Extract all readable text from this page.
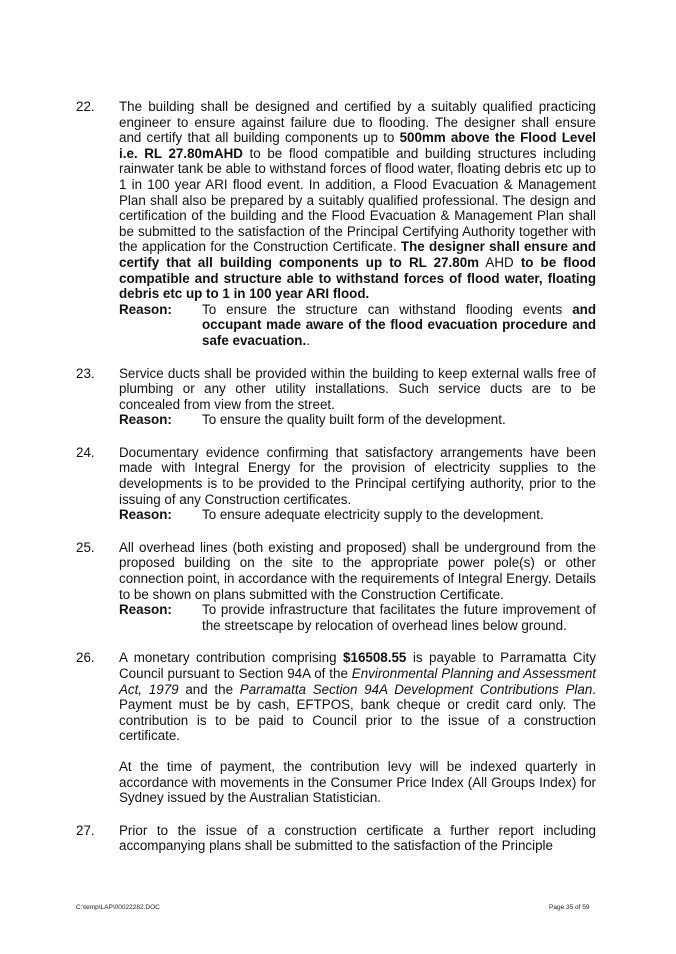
22.	The building shall be designed and certified by a suitably qualified practicing engineer to ensure against failure due to flooding. The designer shall ensure and certify that all building components up to 500mm above the Flood Level i.e. RL 27.80mAHD to be flood compatible and building structures including rainwater tank be able to withstand forces of flood water, floating debris etc up to 1 in 100 year ARI flood event. In addition, a Flood Evacuation & Management Plan shall also be prepared by a suitably qualified professional. The design and certification of the building and the Flood Evacuation & Management Plan shall be submitted to the satisfaction of the Principal Certifying Authority together with the application for the Construction Certificate. The designer shall ensure and certify that all building components up to RL 27.80m AHD to be flood compatible and structure able to withstand forces of flood water, floating debris etc up to 1 in 100 year ARI flood.

Reason:	To ensure the structure can withstand flooding events and occupant made aware of the flood evacuation procedure and safe evacuation..
23.	Service ducts shall be provided within the building to keep external walls free of plumbing or any other utility installations. Such service ducts are to be concealed from view from the street.

Reason:	To ensure the quality built form of the development.
24.	Documentary evidence confirming that satisfactory arrangements have been made with Integral Energy for the provision of electricity supplies to the developments is to be provided to the Principal certifying authority, prior to the issuing of any Construction certificates.

Reason:	To ensure adequate electricity supply to the development.
25.	All overhead lines (both existing and proposed) shall be underground from the proposed building on the site to the appropriate power pole(s) or other connection point, in accordance with the requirements of Integral Energy. Details to be shown on plans submitted with the Construction Certificate.

Reason:	To provide infrastructure that facilitates the future improvement of the streetscape by relocation of overhead lines below ground.
26.	A monetary contribution comprising $16508.55 is payable to Parramatta City Council pursuant to Section 94A of the Environmental Planning and Assessment Act, 1979 and the Parramatta Section 94A Development Contributions Plan. Payment must be by cash, EFTPOS, bank cheque or credit card only. The contribution is to be paid to Council prior to the issue of a construction certificate.

At the time of payment, the contribution levy will be indexed quarterly in accordance with movements in the Consumer Price Index (All Groups Index) for Sydney issued by the Australian Statistician.

27.	Prior to the issue of a construction certificate a further report including accompanying plans shall be submitted to the satisfaction of the Principle

C:\temp\LAP\00022282.DOC	Page 35 of 59
